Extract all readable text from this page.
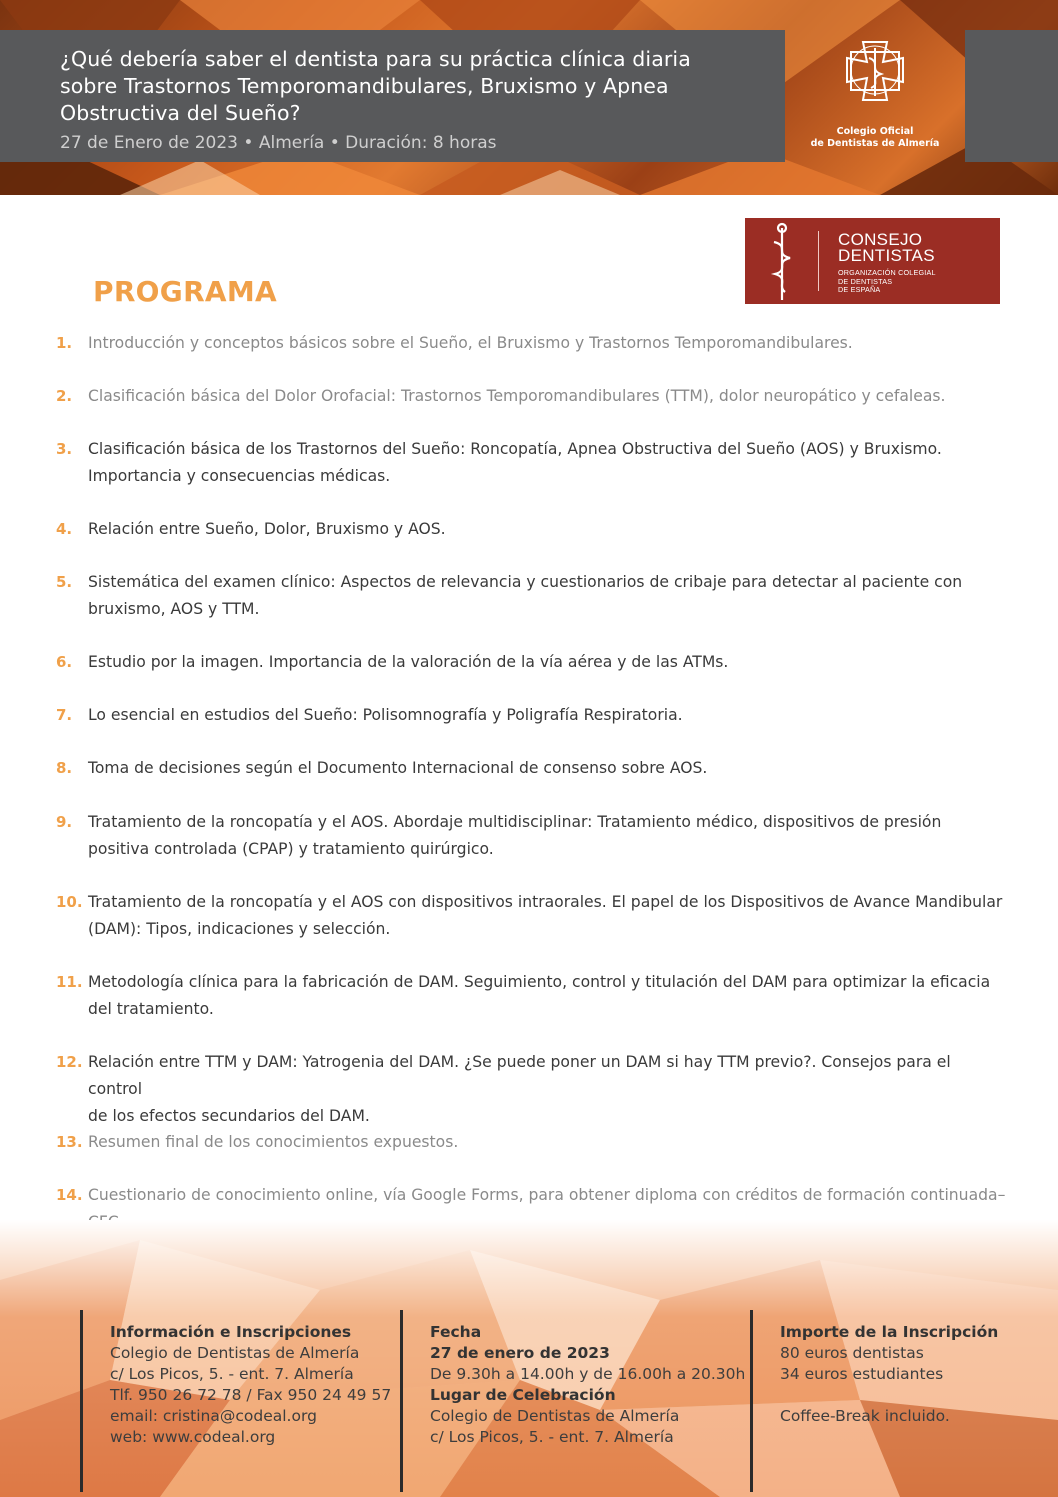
¿Qué debería saber el dentista para su práctica clínica diaria
sobre Trastornos Temporomandibulares, Bruxismo y Apnea
Obstructiva del Sueño?
27 de Enero de 2023 • Almería • Duración: 8 horas
Colegio Oficial
de Dentistas de Almería
CONSEJO
DENTISTAS
ORGANIZACIÓN COLEGIAL
DE DENTISTAS
DE ESPAÑA
PROGRAMA
1.	Introducción y conceptos básicos sobre el Sueño, el Bruxismo y Trastornos Temporomandibulares.
2.	Clasificación básica del Dolor Orofacial: Trastornos Temporomandibulares (TTM), dolor neuropático y cefaleas.
3.	Clasificación básica de los Trastornos del Sueño: Roncopatía, Apnea Obstructiva del Sueño (AOS) y Bruxismo.
Importancia y consecuencias médicas.
4.	Relación entre Sueño, Dolor, Bruxismo y AOS.
5.	Sistemática del examen clínico: Aspectos de relevancia y cuestionarios de cribaje para detectar al paciente con
bruxismo, AOS y TTM.
6.	Estudio por la imagen. Importancia de la valoración de la vía aérea y de las ATMs.
7.	Lo esencial en estudios del Sueño: Polisomnografía y Poligrafía Respiratoria.
8.	Toma de decisiones según el Documento Internacional de consenso sobre AOS.
9.	Tratamiento de la roncopatía y el AOS. Abordaje multidisciplinar: Tratamiento médico, dispositivos de presión
positiva controlada (CPAP) y tratamiento quirúrgico.
10. Tratamiento de la roncopatía y el AOS con dispositivos intraorales. El papel de los Dispositivos de Avance Mandibular
(DAM): Tipos, indicaciones y selección.
11. Metodología clínica para la fabricación de DAM. Seguimiento, control y titulación del DAM para optimizar la eficacia
del tratamiento.
12. Relación entre TTM y DAM: Yatrogenia del DAM. ¿Se puede poner un DAM si hay TTM previo?. Consejos para el control
de los efectos secundarios del DAM.
13. Resumen final de los conocimientos expuestos.
14. Cuestionario de conocimiento online, vía Google Forms, para obtener diploma con créditos de formación continuada–
Información e Inscripciones
Colegio de Dentistas de Almería
c/ Los Picos, 5. - ent. 7. Almería
Tlf. 950 26 72 78 / Fax 950 24 49 57
email: cristina@codeal.org
web: www.codeal.org
Fecha
27 de enero de 2023
De 9.30h a 14.00h y de 16.00h a 20.30h
Lugar de Celebración
Colegio de Dentistas de Almería
c/ Los Picos, 5. - ent. 7. Almería
Importe de la Inscripción
80 euros dentistas
34 euros estudiantes
Coffee-Break incluido.
